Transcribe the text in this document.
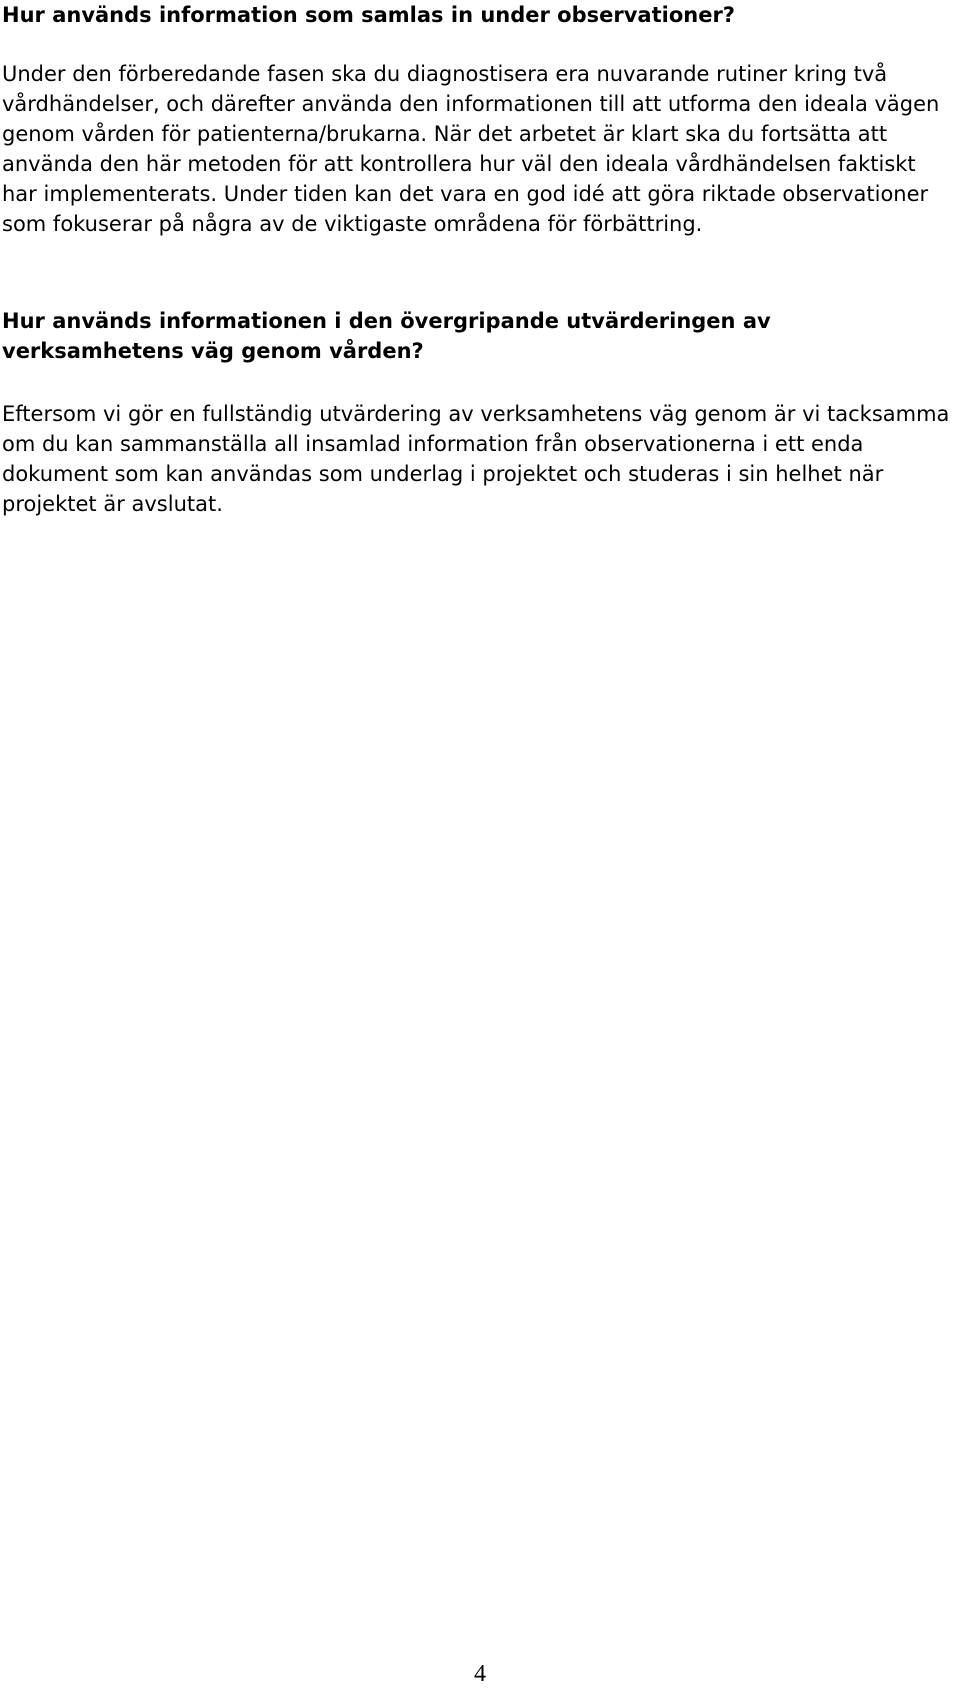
Hur används information som samlas in under observationer?

Under den förberedande fasen ska du diagnostisera era nuvarande rutiner kring två vårdhändelser, och därefter använda den informationen till att utforma den ideala vägen genom vården för patienterna/brukarna. När det arbetet är klart ska du fortsätta att använda den här metoden för att kontrollera hur väl den ideala vårdhändelsen faktiskt har implementerats. Under tiden kan det vara en god idé att göra riktade observationer som fokuserar på några av de viktigaste områdena för förbättring.

Hur används informationen i den övergripande utvärderingen av verksamhetens väg genom vården?

Eftersom vi gör en fullständig utvärdering av verksamhetens väg genom är vi tacksamma om du kan sammanställa all insamlad information från observationerna i ett enda dokument som kan användas som underlag i projektet och studeras i sin helhet när projektet är avslutat.

4
